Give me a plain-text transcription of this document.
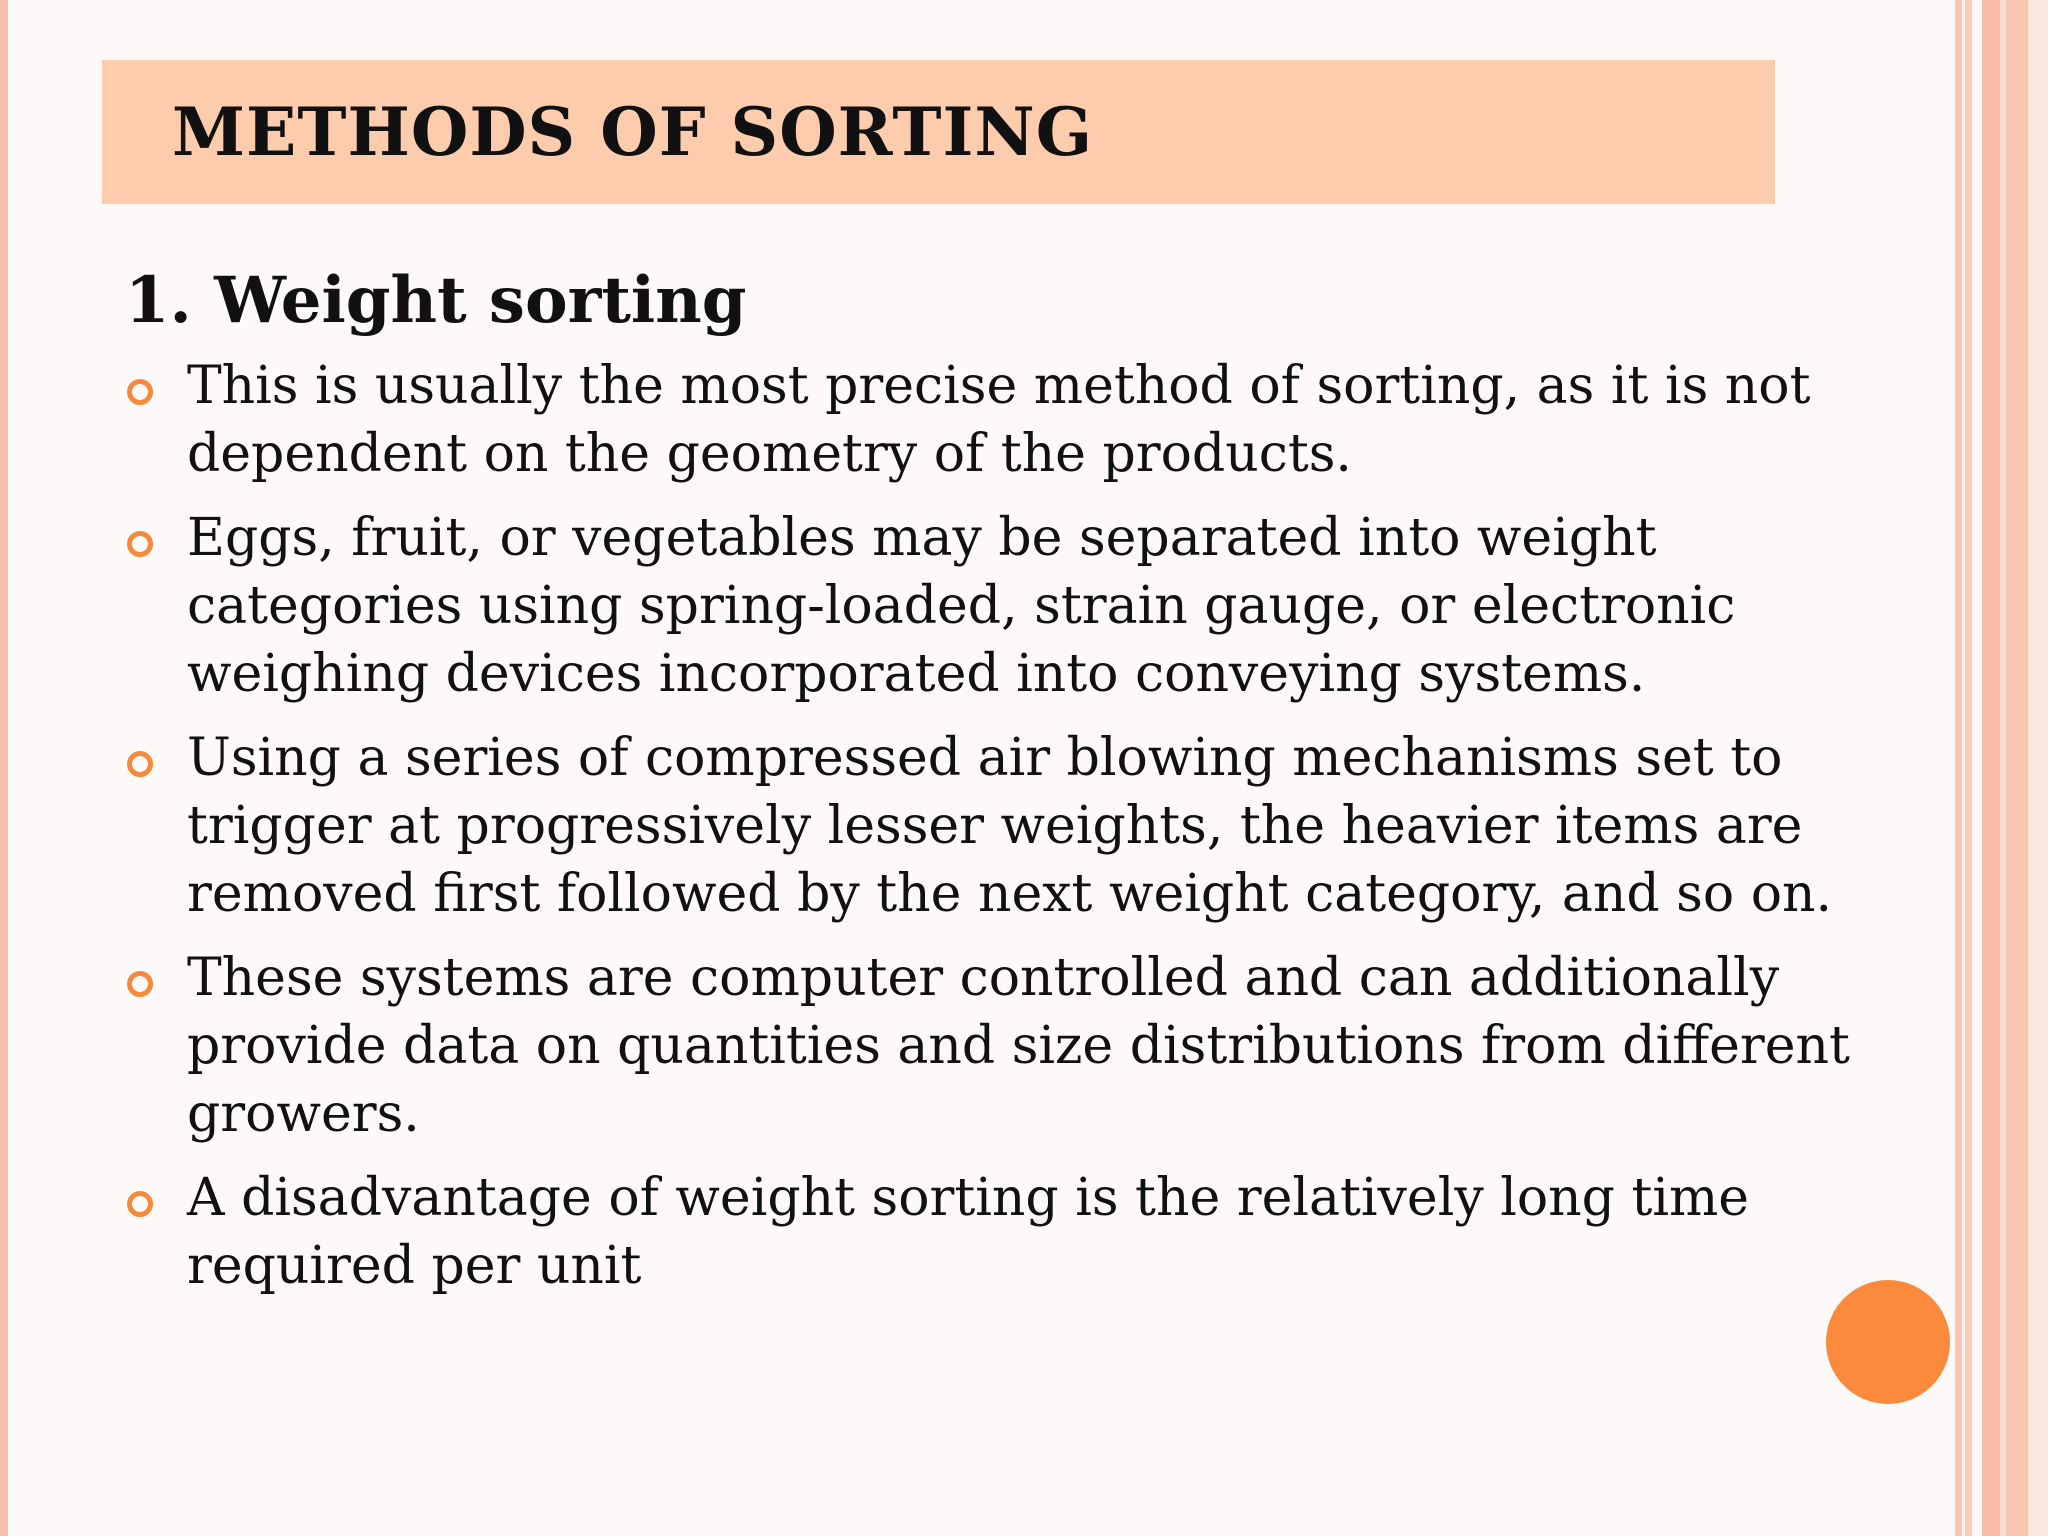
METHODS OF SORTING
1. Weight sorting
This is usually the most precise method of sorting, as it is not dependent on the geometry of the products.
Eggs, fruit, or vegetables may be separated into weight categories using spring-loaded, strain gauge, or electronic weighing devices incorporated into conveying systems.
Using a series of compressed air blowing mechanisms set to trigger at progressively lesser weights, the heavier items are removed first followed by the next weight category, and so on.
These systems are computer controlled and can additionally provide data on quantities and size distributions from different growers.
A disadvantage of weight sorting is the relatively long time required per unit
